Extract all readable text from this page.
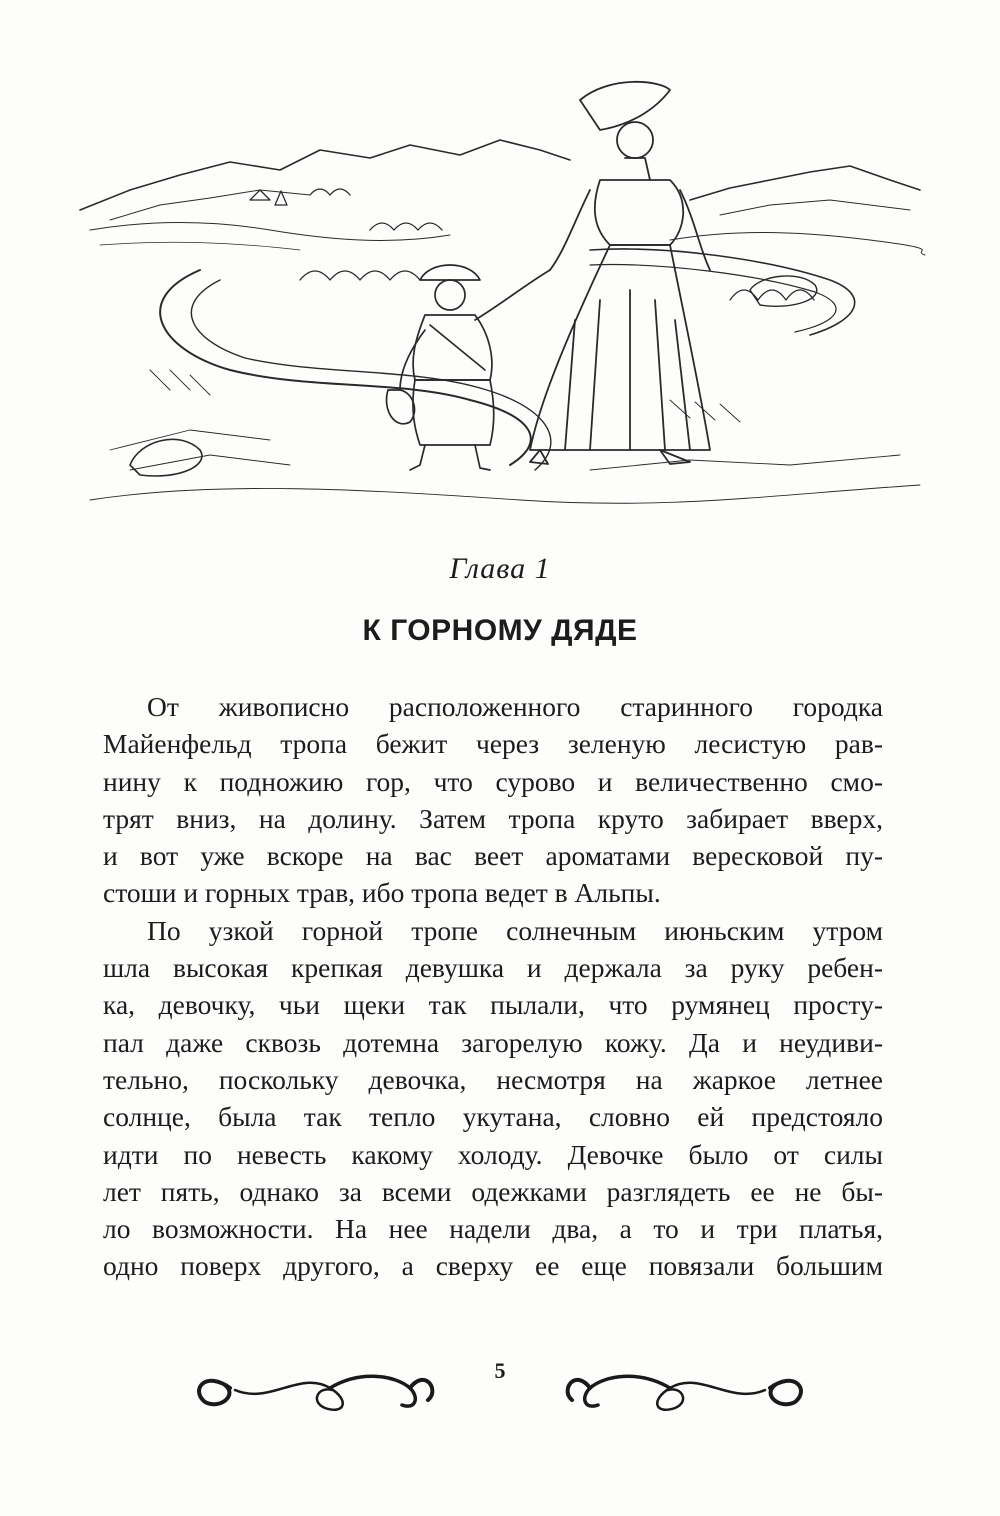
Глава 1
К ГОРНОМУ ДЯДЕ
От живописно расположенного старинного городка
Майенфельд тропа бежит через зеленую лесистую рав-
нину к подножию гор, что сурово и величественно смо-
трят вниз, на долину. Затем тропа круто забирает вверх,
и вот уже вскоре на вас веет ароматами вересковой пу-
стоши и горных трав, ибо тропа ведет в Альпы.
По узкой горной тропе солнечным июньским утром
шла высокая крепкая девушка и держала за руку ребен-
ка, девочку, чьи щеки так пылали, что румянец просту-
пал даже сквозь дотемна загорелую кожу. Да и неудиви-
тельно, поскольку девочка, несмотря на жаркое летнее
солнце, была так тепло укутана, словно ей предстояло
идти по невесть какому холоду. Девочке было от силы
лет пять, однако за всеми одежками разглядеть ее не бы-
ло возможности. На нее надели два, а то и три платья,
одно поверх другого, а сверху ее еще повязали большим
5
